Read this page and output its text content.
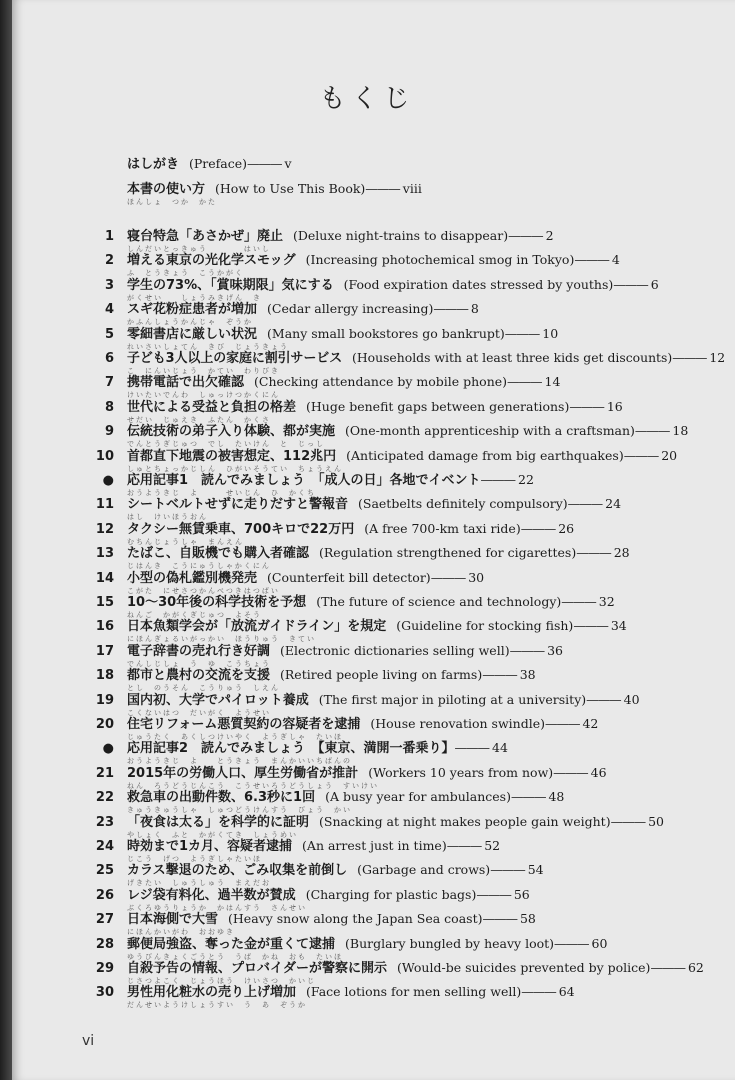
もくじ
はしがき (Preface)——— v
本書の使い方 (How to Use This Book)——— viii
ほんしょ　つか　かた
1 寝台特急「あさかぜ」廃止 (Deluxe night-trains to disappear)——— 2
しんだいとっきゅう　　　　はいし
2 増える東京の光化学スモッグ (Increasing photochemical smog in Tokyo)——— 4
ふ　とうきょう　こうかがく
3 学生の73%、「賞味期限」気にする (Food expiration dates stressed by youths)——— 6
がくせい　　しょうみきげん　き
4 スギ花粉症患者が増加 (Cedar allergy increasing)——— 8
かふんしょうかんじゃ　ぞうか
5 零細書店に厳しい状況 (Many small bookstores go bankrupt)——— 10
れいさいしょてん　きび　じょうきょう
6 子ども3人以上の家庭に割引サービス (Households with at least three kids get discounts)——— 12
こ　にんいじょう　かてい　わりびき
7 携帯電話で出欠確認 (Checking attendance by mobile phone)——— 14
けいたいでんわ　しゅっけつかくにん
8 世代による受益と負担の格差 (Huge benefit gaps between generations)——— 16
せだい　じゅえき　ふたん　かくさ
9 伝統技術の弟子入り体験、都が実施 (One-month apprenticeship with a craftsman)——— 18
でんとうぎじゅつ　でし　たいけん　と　じっし
10 首都直下地震の被害想定、112兆円 (Anticipated damage from big earthquakes)——— 20
しゅとちょっかじしん　ひがいそうてい　ちょうえん
● 応用記事1　読んでみましょう　「成人の日」各地でイベント——— 22
おうようきじ　よ　　　せいじん　ひ　かくち
11 シートベルトせずに走りだすと警報音 (Saetbelts definitely compulsory)——— 24
はし　けいほうおん
12 タクシー無賃乗車、700キロで22万円 (A free 700-km taxi ride)——— 26
むちんじょうしゃ　まんえん
13 たばこ、自販機でも購入者確認 (Regulation strengthened for cigarettes)——— 28
じはんき　こうにゅうしゃかくにん
14 小型の偽札鑑別機発売 (Counterfeit bill detector)——— 30
こがた　にせさつかんべつきはつばい
15 10～30年後の科学技術を予想 (The future of science and technology)——— 32
ねんご　かがくぎじゅつ　よそう
16 日本魚類学会が「放流ガイドライン」を規定 (Guideline for stocking fish)——— 34
にほんぎょるいがっかい　ほうりゅう　きてい
17 電子辞書の売れ行き好調 (Electronic dictionaries selling well)——— 36
でんしじしょ　う　ゆ　こうちょう
18 都市と農村の交流を支援 (Retired people living on farms)——— 38
とし　のうそん　こうりゅう　しえん
19 国内初、大学でパイロット養成 (The first major in piloting at a university)——— 40
こくないはつ　だいがく　ようせい
20 住宅リフォーム悪質契約の容疑者を逮捕 (House renovation swindle)——— 42
じゅうたく　あくしつけいやく　ようぎしゃ　たいほ
● 応用記事2　読んでみましょう　【東京、満開一番乗り】——— 44
おうようきじ　よ　　とうきょう　まんかいいちばんの
21 2015年の労働人口、厚生労働省が推計 (Workers 10 years from now)——— 46
ねん　ろうどうじんこう　こうせいろうどうしょう　すいけい
22 救急車の出動件数、6.3秒に1回 (A busy year for ambulances)——— 48
きゅうきゅうしゃ　しゅつどうけんすう　びょう　かい
23 「夜食は太る」を科学的に証明 (Snacking at night makes people gain weight)——— 50
やしょく　ふと　かがくてき　しょうめい
24 時効まで1カ月、容疑者逮捕 (An arrest just in time)——— 52
じこう　げつ　ようぎしゃたいほ
25 カラス撃退のため、ごみ収集を前倒し (Garbage and crows)——— 54
げきたい　しゅうしゅう　まえだお
26 レジ袋有料化、過半数が賛成 (Charging for plastic bags)——— 56
ぶくろゆうりょうか　かはんすう　さんせい
27 日本海側で大雪 (Heavy snow along the Japan Sea coast)——— 58
にほんかいがわ　おおゆき
28 郵便局強盗、奪った金が重くて逮捕 (Burglary bungled by heavy loot)——— 60
ゆうびんきょくごうとう　うば　かね　おも　たいほ
29 自殺予告の情報、プロバイダーが警察に開示 (Would-be suicides prevented by police)——— 62
じさつよこく　じょうほう　けいさつ　かいじ
30 男性用化粧水の売り上げ増加 (Face lotions for men selling well)——— 64
だんせいようけしょうすい　う　あ　ぞうか
vi
